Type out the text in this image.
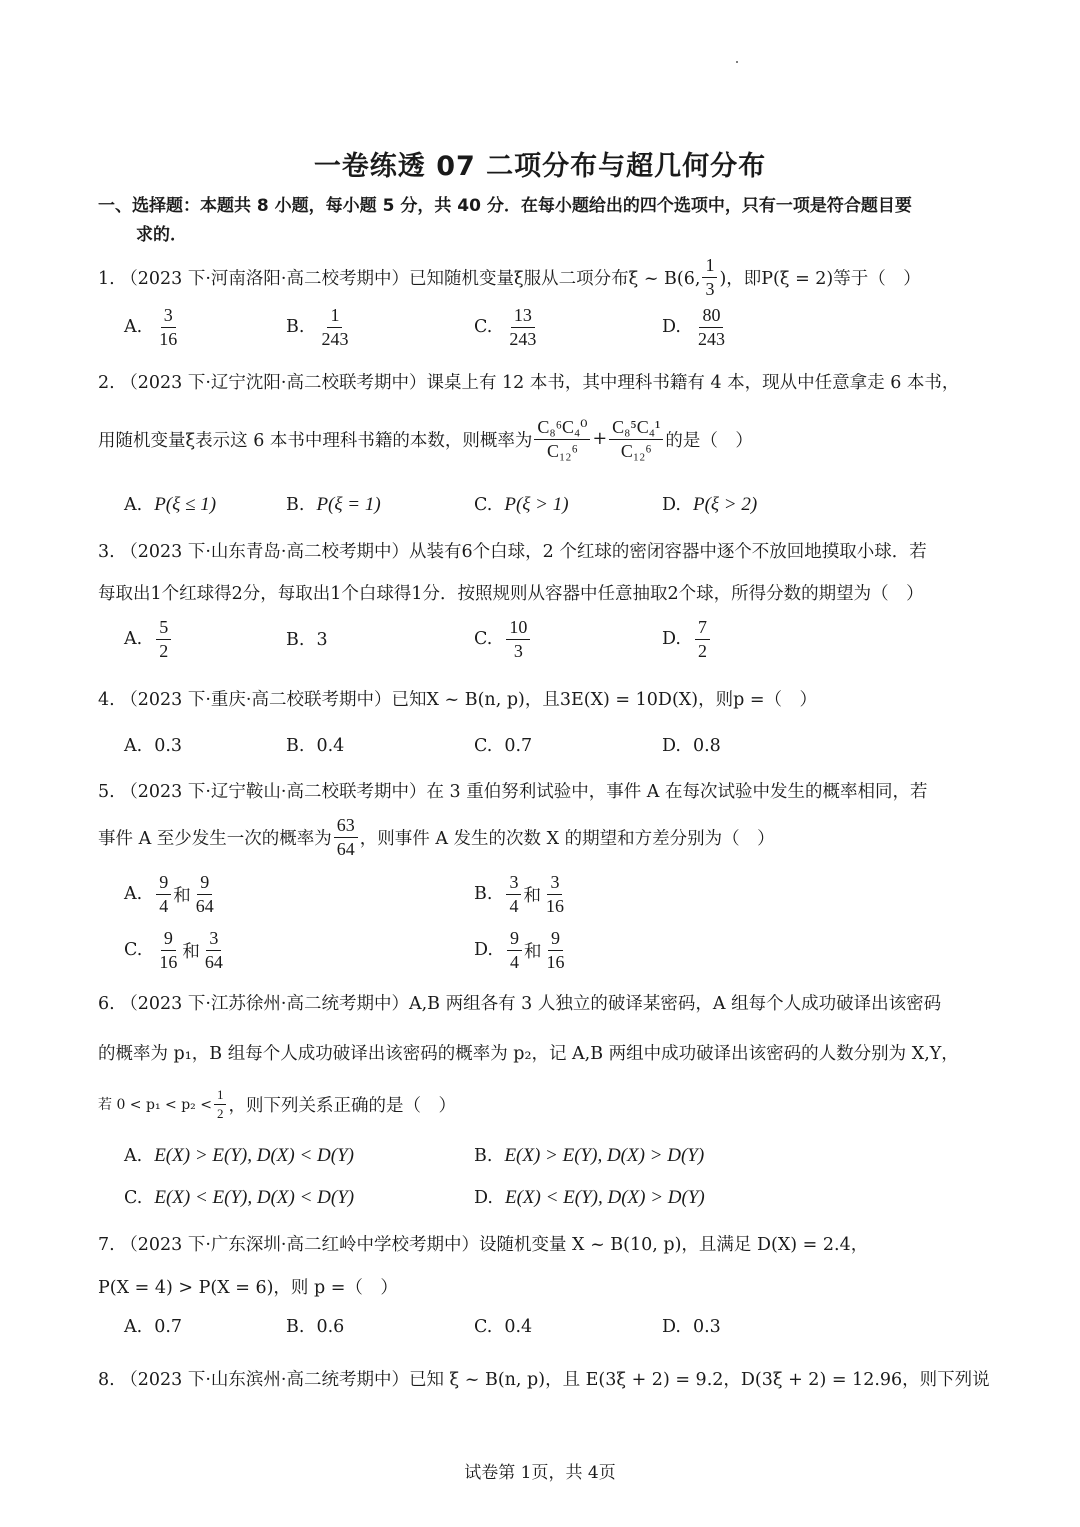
一卷练透 07 二项分布与超几何分布
一、选择题：本题共 8 小题，每小题 5 分，共 40 分．在每小题给出的四个选项中，只有一项是符合题目要
求的．
1. （2023 下·河南洛阳·高二校考期中）已知随机变量ξ服从二项分布ξ ~ B(6, $\frac{1}{3}$ )，即P(ξ = 2)等于（　）
A. $\frac{3}{16}$	B. $\frac{1}{243}$	C. $\frac{13}{243}$	D. $\frac{80}{243}$
2. （2023 下·辽宁沈阳·高二校联考期中）课桌上有 12 本书，其中理科书籍有 4 本，现从中任意拿走 6 本书，
用随机变量ξ表示这 6 本书中理科书籍的本数，则概率为 $\frac{\text{C₈⁶C₄⁰}}{\text{C₁₂⁶}} + \frac{\text{C₈⁵C₄¹}}{\text{C₁₂⁶}}$ 的是（　）
A. P(ξ ≤ 1)	B. P(ξ = 1)	C. P(ξ > 1)	D. P(ξ > 2)
3. （2023 下·山东青岛·高二校考期中）从装有6个白球，2 个红球的密闭容器中逐个不放回地摸取小球．若
每取出1个红球得2分，每取出1个白球得1分．按照规则从容器中任意抽取2个球，所得分数的期望为（　）
A. $\frac{5}{2}$	B. 3	C. $\frac{10}{3}$	D. $\frac{7}{2}$
4. （2023 下·重庆·高二校联考期中）已知X ~ B(n, p)，且3E(X) = 10D(X)，则p =（　）
A. 0.3	B. 0.4	C. 0.7	D. 0.8
5. （2023 下·辽宁鞍山·高二校联考期中）在 3 重伯努利试验中，事件 A 在每次试验中发生的概率相同，若
事件 A 至少发生一次的概率为 $\frac{63}{64}$ ，则事件 A 发生的次数 X 的期望和方差分别为（　）
A. $\frac{9}{4}$ 和 $\frac{9}{64}$	B. $\frac{3}{4}$ 和 $\frac{3}{16}$
C. $\frac{9}{16}$ 和 $\frac{3}{64}$	D. $\frac{9}{4}$ 和 $\frac{9}{16}$
6. （2023 下·江苏徐州·高二统考期中）A,B 两组各有 3 人独立的破译某密码，A 组每个人成功破译出该密码
的概率为 p₁，B 组每个人成功破译出该密码的概率为 p₂，记 A,B 两组中成功破译出该密码的人数分别为 X,Y，
若 $0 < p_1 < p_2 < \frac{1}{2}$ ，则下列关系正确的是（　）
A. E(X) > E(Y), D(X) < D(Y)	B. E(X) > E(Y), D(X) > D(Y)
C. E(X) < E(Y), D(X) < D(Y)	D. E(X) < E(Y), D(X) > D(Y)
7. （2023 下·广东深圳·高二红岭中学校考期中）设随机变量 X ~ B(10, p)，且满足 D(X) = 2.4，
P(X = 4) > P(X = 6)，则 p =（　）
A. 0.7	B. 0.6	C. 0.4	D. 0.3
8. （2023 下·山东滨州·高二统考期中）已知 ξ ~ B(n, p)，且 E(3ξ + 2) = 9.2，D(3ξ + 2) = 12.96，则下列说
试卷第 1页，共 4页
